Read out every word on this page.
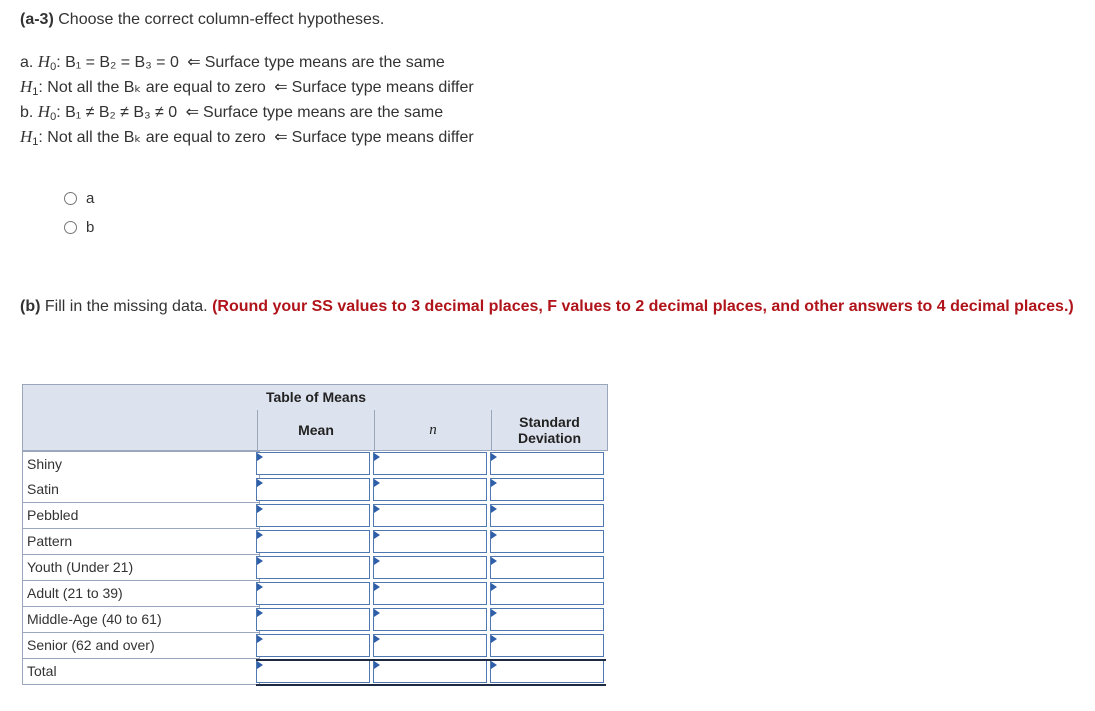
(a-3) Choose the correct column-effect hypotheses.
a. $H_0$: B₁ = B₂ = B₃ = 0 ⇐ Surface type means are the same
$H_1$: Not all the Bₖ are equal to zero ⇐ Surface type means differ
b. $H_0$: B₁ ≠ B₂ ≠ B₃ ≠ 0 ⇐ Surface type means are the same
$H_1$: Not all the Bₖ are equal to zero ⇐ Surface type means differ
a
b
(b) Fill in the missing data. (Round your SS values to 3 decimal places, F values to 2 decimal places, and other answers to 4 decimal places.)
Table of Means
Mean	n	Standard Deviation
Shiny
Satin
Pebbled
Pattern
Youth (Under 21)
Adult (21 to 39)
Middle-Age (40 to 61)
Senior (62 and over)
Total
